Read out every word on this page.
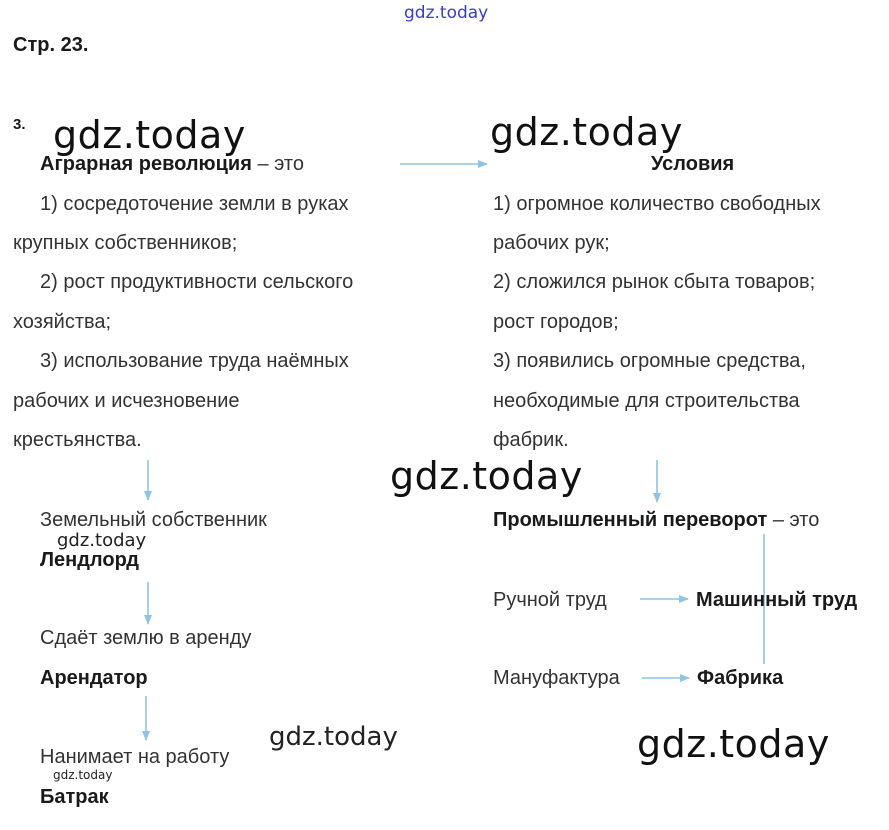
gdz.today
gdz.today	gdz.today
gdz.today
gdz.today
gdz.today
gdz.today
gdz.today
Стр. 23.
3.
Аграрная революция – это
1) сосредоточение земли в руках
крупных собственников;
2) рост продуктивности сельского
хозяйства;
3) использование труда наёмных
рабочих и исчезновение
крестьянства.
Земельный собственник
Лендлорд
Сдаёт землю в аренду
Арендатор
Нанимает на работу
Батрак
Условия
1) огромное количество свободных
рабочих рук;
2) сложился рынок сбыта товаров;
рост городов;
3) появились огромные средства,
необходимые для строительства
фабрик.
Промышленный переворот – это
Ручной труд	Машинный труд
Мануфактура	Фабрика
